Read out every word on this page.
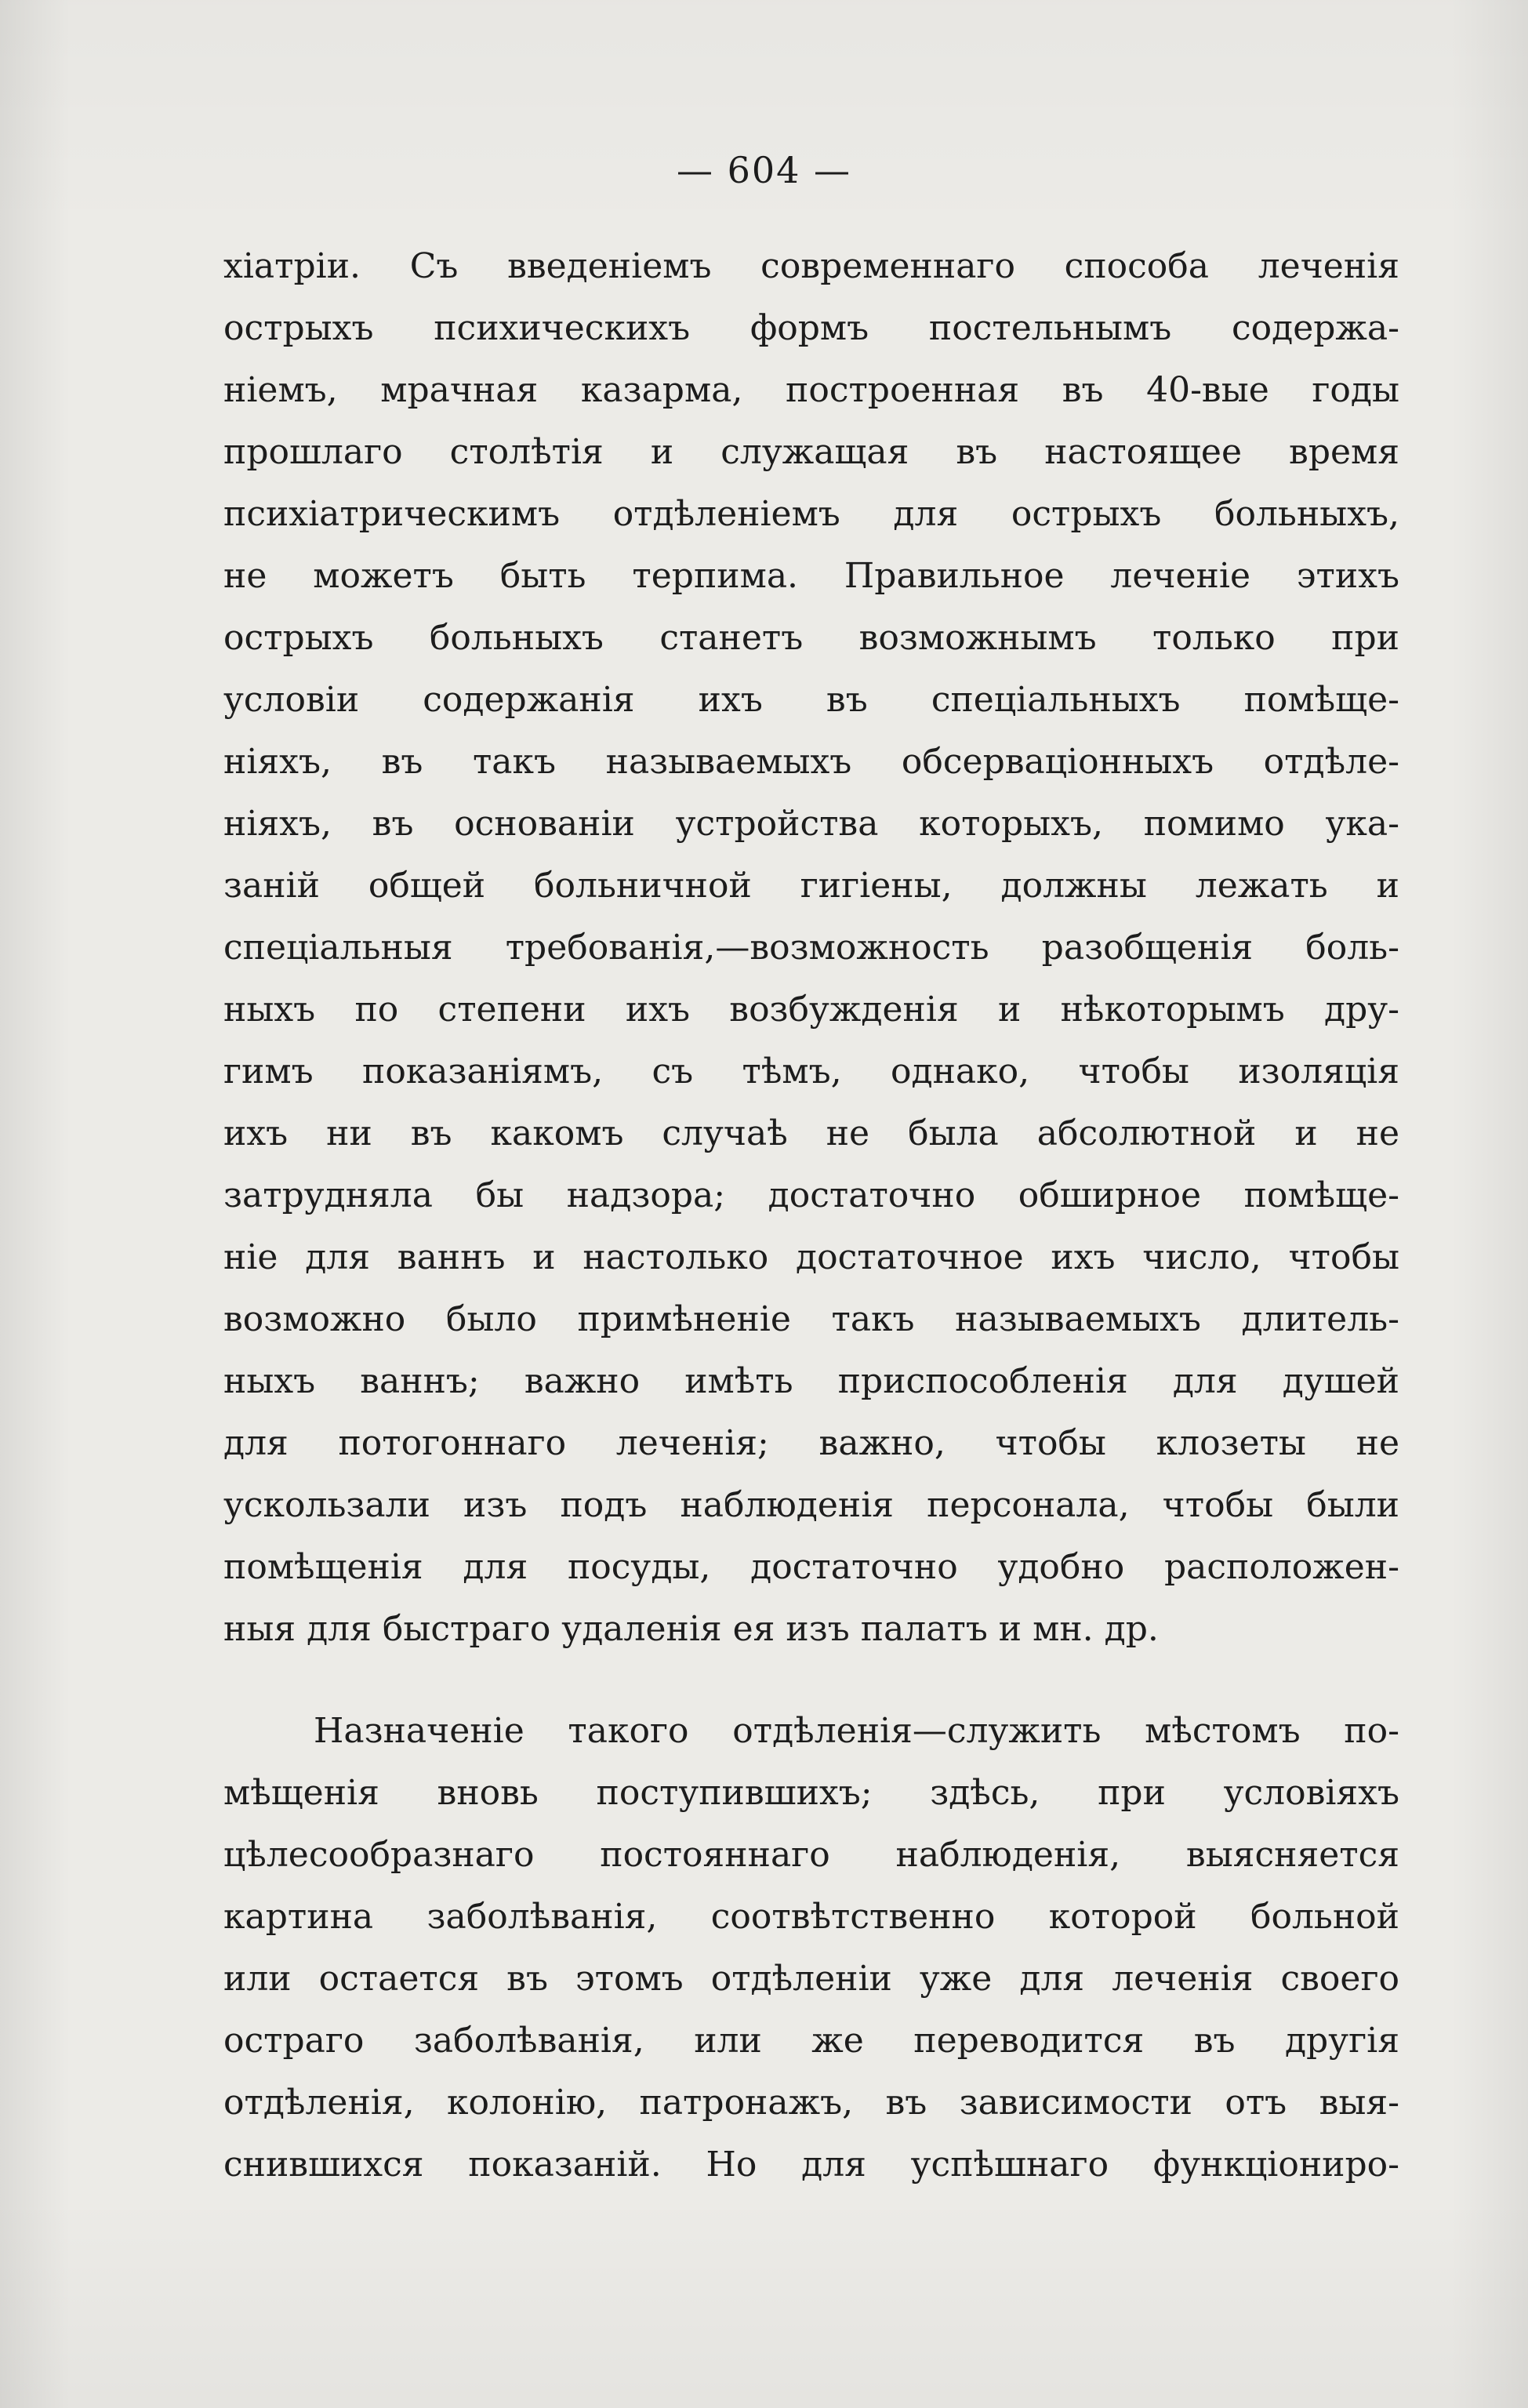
— 604 —
хіатріи. Съ введеніемъ современнаго способа леченія
острыхъ психическихъ формъ постельнымъ содержа-
ніемъ, мрачная казарма, построенная въ 40-вые годы
прошлаго столѣтія и служащая въ настоящее время
психіатрическимъ отдѣленіемъ для острыхъ больныхъ,
не можетъ быть терпима. Правильное леченіе этихъ
острыхъ больныхъ станетъ возможнымъ только при
условіи содержанія ихъ въ спеціальныхъ помѣще-
ніяхъ, въ такъ называемыхъ обсерваціонныхъ отдѣле-
ніяхъ, въ основаніи устройства которыхъ, помимо ука-
заній общей больничной гигіены, должны лежать и
спеціальныя требованія,—возможность разобщенія боль-
ныхъ по степени ихъ возбужденія и нѣкоторымъ дру-
гимъ показаніямъ, съ тѣмъ, однако, чтобы изоляція
ихъ ни въ какомъ случаѣ не была абсолютной и не
затрудняла бы надзора; достаточно обширное помѣще-
ніе для ваннъ и настолько достаточное ихъ число, чтобы
возможно было примѣненіе такъ называемыхъ длитель-
ныхъ ваннъ; важно имѣть приспособленія для душей
для потогоннаго леченія; важно, чтобы клозеты не
ускользали изъ подъ наблюденія персонала, чтобы были
помѣщенія для посуды, достаточно удобно расположен-
ныя для быстраго удаленія ея изъ палатъ и мн. др.
Назначеніе такого отдѣленія—служить мѣстомъ по-
мѣщенія вновь поступившихъ; здѣсь, при условіяхъ
цѣлесообразнаго постояннаго наблюденія, выясняется
картина заболѣванія, соотвѣтственно которой больной
или остается въ этомъ отдѣленіи уже для леченія своего
остраго заболѣванія, или же переводится въ другія
отдѣленія, колонію, патронажъ, въ зависимости отъ выя-
снившихся показаній. Но для успѣшнаго функціониро-
